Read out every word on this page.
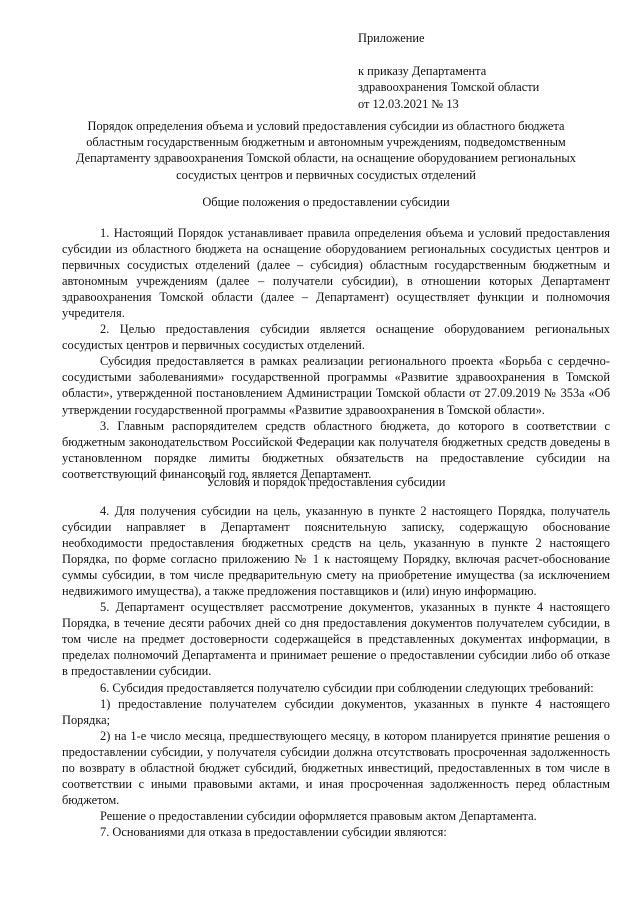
Приложение

к приказу Департамента

здравоохранения Томской области

от 12.03.2021 № 13

Порядок определения объема и условий предоставления субсидии из областного бюджета областным государственным бюджетным и автономным учреждениям, подведомственным Департаменту здравоохранения Томской области, на оснащение оборудованием региональных сосудистых центров и первичных сосудистых отделений

Общие положения о предоставлении субсидии

1. Настоящий Порядок устанавливает правила определения объема и условий предоставления субсидии из областного бюджета на оснащение оборудованием региональных сосудистых центров и первичных сосудистых отделений (далее – субсидия) областным государственным бюджетным и автономным учреждениям (далее – получатели субсидии), в отношении которых Департамент здравоохранения Томской области (далее – Департамент) осуществляет функции и полномочия учредителя.

2. Целью предоставления субсидии является оснащение оборудованием региональных сосудистых центров и первичных сосудистых отделений.

Субсидия предоставляется в рамках реализации регионального проекта «Борьба с сердечно-сосудистыми заболеваниями» государственной программы «Развитие здравоохранения в Томской области», утвержденной постановлением Администрации Томской области от 27.09.2019 № 353а «Об утверждении государственной программы «Развитие здравоохранения в Томской области».

3. Главным распорядителем средств областного бюджета, до которого в соответствии с бюджетным законодательством Российской Федерации как получателя бюджетных средств доведены в установленном порядке лимиты бюджетных обязательств на предоставление субсидии на соответствующий финансовый год, является Департамент.

Условия и порядок предоставления субсидии

4. Для получения субсидии на цель, указанную в пункте 2 настоящего Порядка, получатель субсидии направляет в Департамент пояснительную записку, содержащую обоснование необходимости предоставления бюджетных средств на цель, указанную в пункте 2 настоящего Порядка, по форме согласно приложению № 1 к настоящему Порядку, включая расчет-обоснование суммы субсидии, в том числе предварительную смету на приобретение имущества (за исключением недвижимого имущества), а также предложения поставщиков и (или) иную информацию.

5. Департамент осуществляет рассмотрение документов, указанных в пункте 4 настоящего Порядка, в течение десяти рабочих дней со дня предоставления документов получателем субсидии, в том числе на предмет достоверности содержащейся в представленных документах информации, в пределах полномочий Департамента и принимает решение о предоставлении субсидии либо об отказе в предоставлении субсидии.

6. Субсидия предоставляется получателю субсидии при соблюдении следующих требований:

1) предоставление получателем субсидии документов, указанных в пункте 4 настоящего Порядка;

2) на 1-е число месяца, предшествующего месяцу, в котором планируется принятие решения о предоставлении субсидии, у получателя субсидии должна отсутствовать просроченная задолженность по возврату в областной бюджет субсидий, бюджетных инвестиций, предоставленных в том числе в соответствии с иными правовыми актами, и иная просроченная задолженность перед областным бюджетом.

Решение о предоставлении субсидии оформляется правовым актом Департамента.

7. Основаниями для отказа в предоставлении субсидии являются:
